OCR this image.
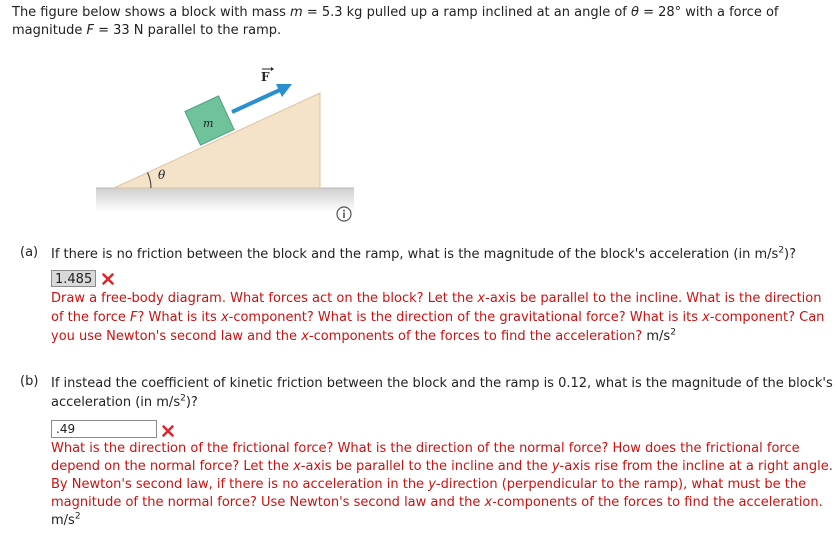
The figure below shows a block with mass m = 5.3 kg pulled up a ramp inclined at an angle of θ = 28° with a force of magnitude F = 33 N parallel to the ramp.
θ
m
F
(a) If there is no friction between the block and the ramp, what is the magnitude of the block's acceleration (in $m/s^2$)?
1.485
Draw a free-body diagram. What forces act on the block? Let the x-axis be parallel to the incline. What is the direction of the force F? What is its x-component? What is the direction of the gravitational force? What is its x-component? Can you use Newton's second law and the x-components of the forces to find the acceleration? $m/s^2$
(b) If instead the coefficient of kinetic friction between the block and the ramp is 0.12, what is the magnitude of the block's acceleration (in $m/s^2$)?
.49
What is the direction of the frictional force? What is the direction of the normal force? How does the frictional force depend on the normal force? Let the x-axis be parallel to the incline and the y-axis rise from the incline at a right angle. By Newton's second law, if there is no acceleration in the y-direction (perpendicular to the ramp), what must be the magnitude of the normal force? Use Newton's second law and the x-components of the forces to find the acceleration. $m/s^2$
